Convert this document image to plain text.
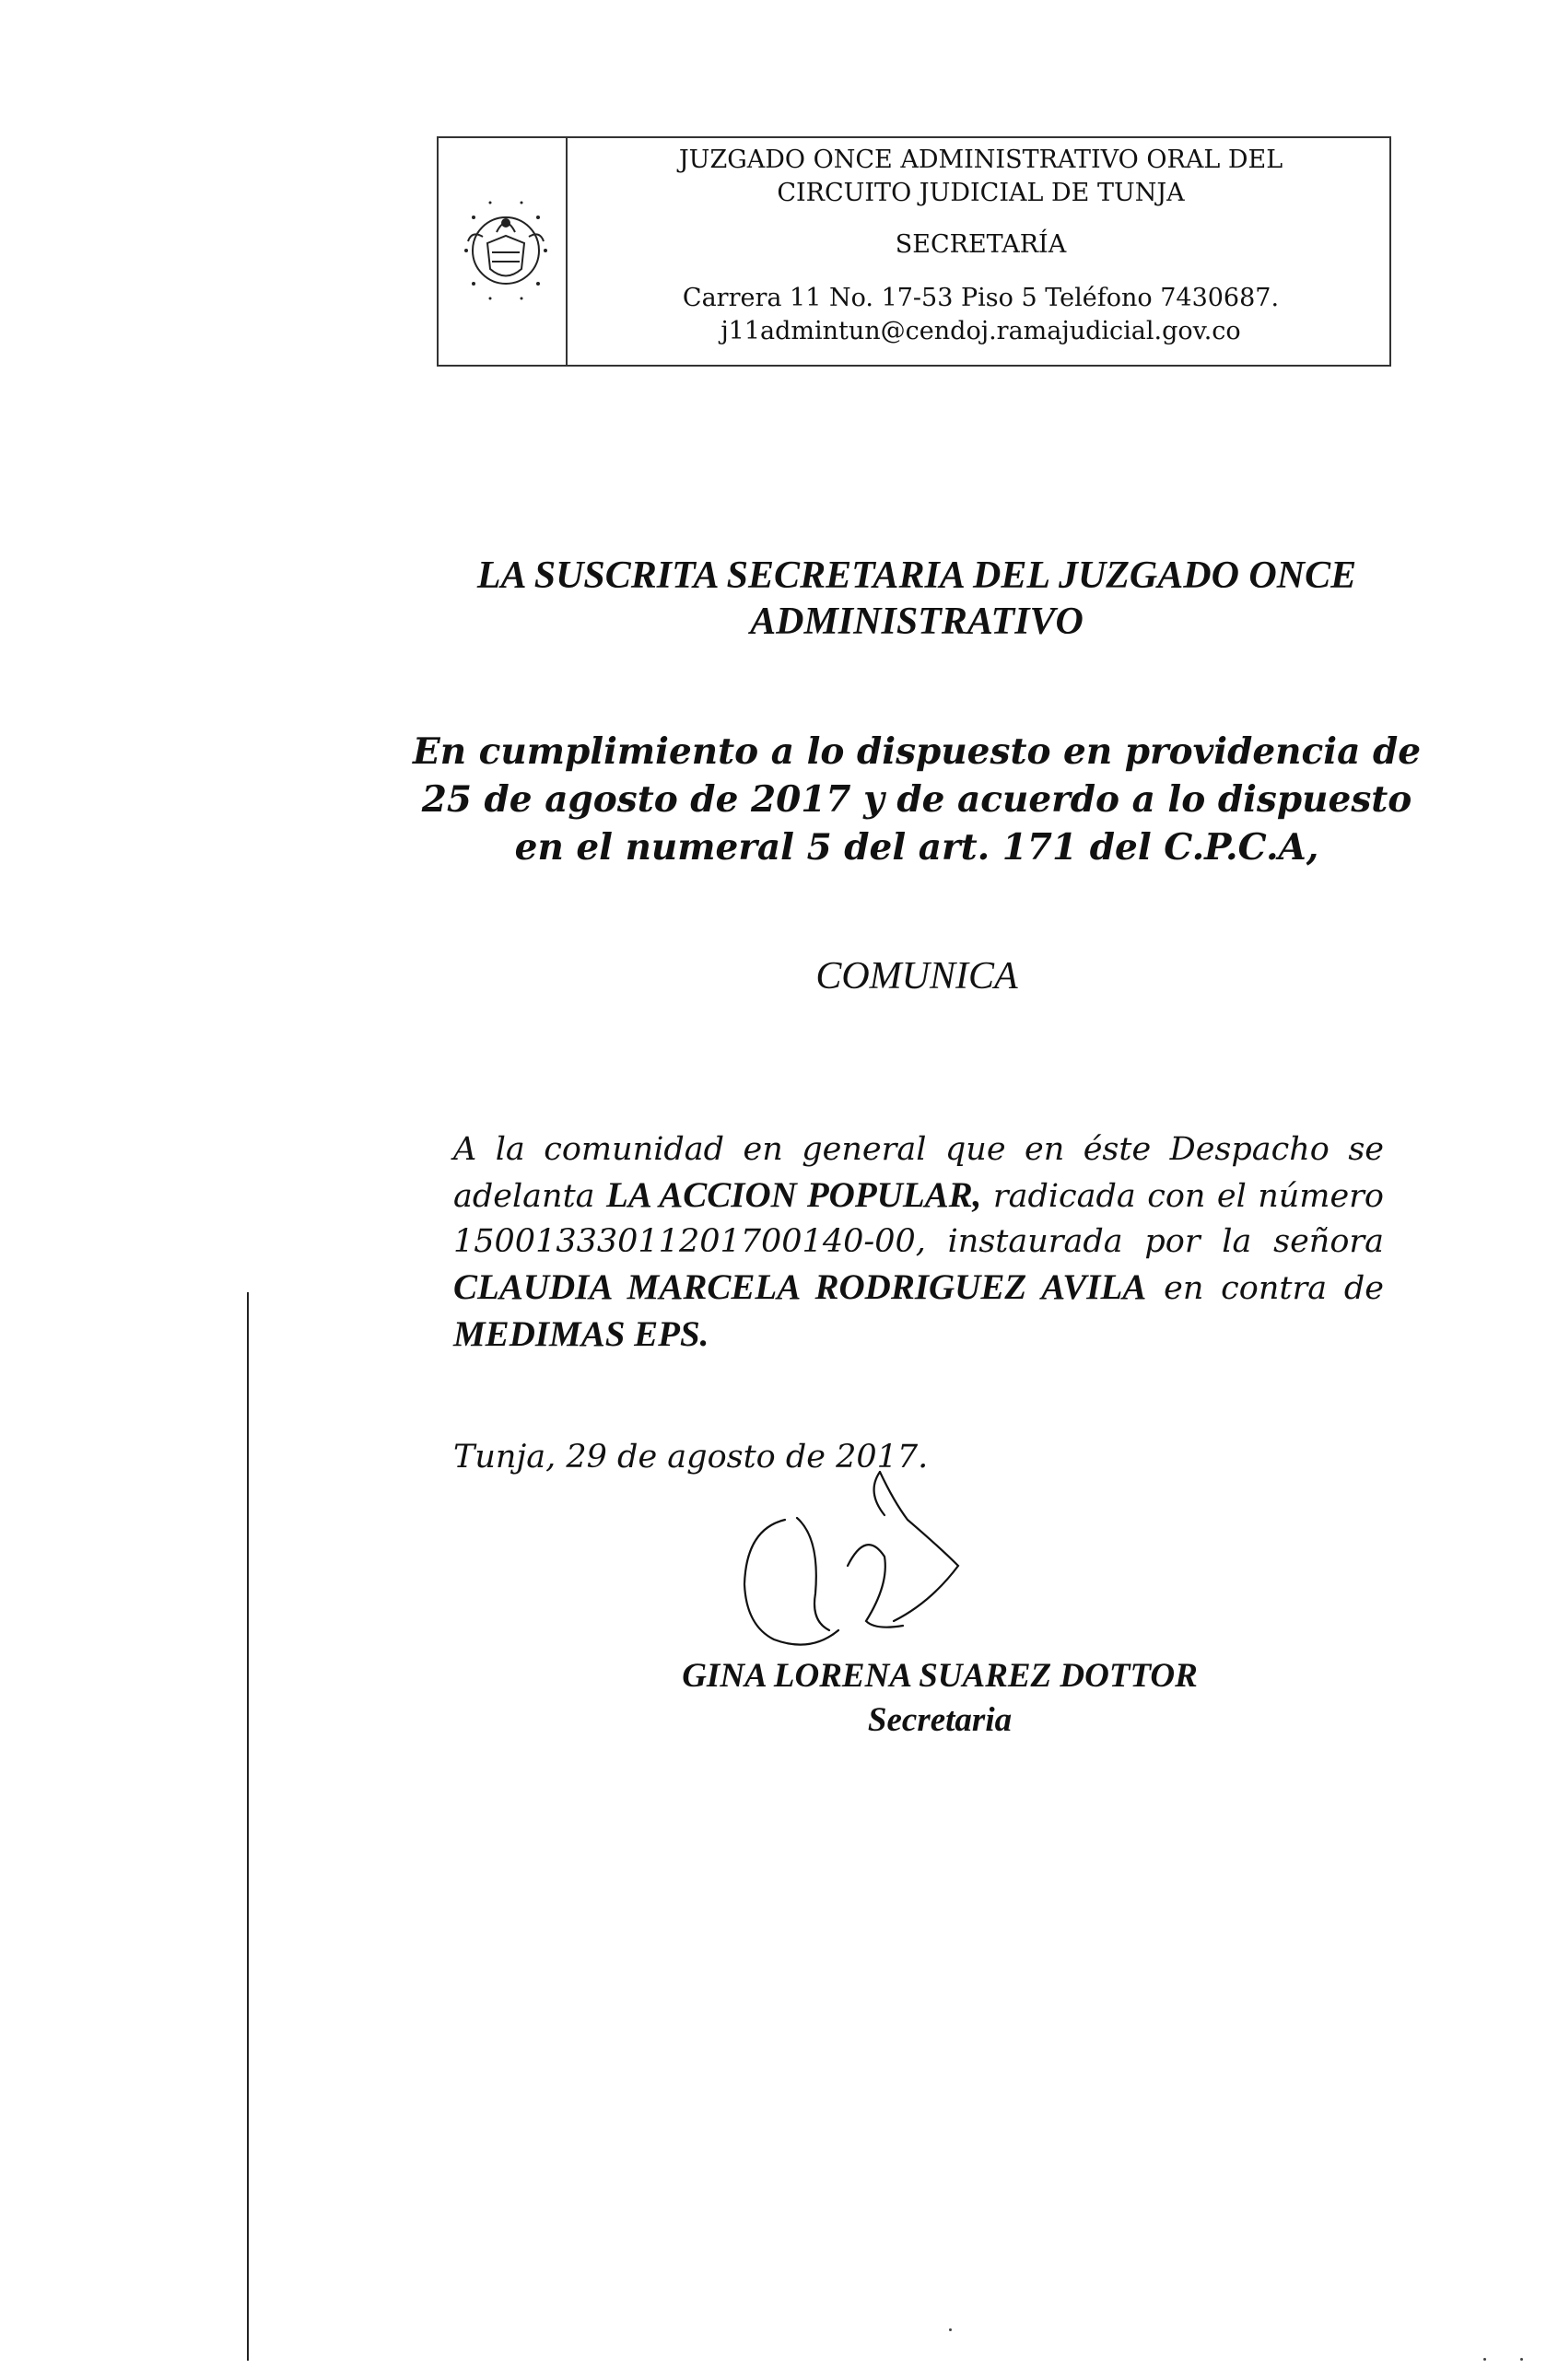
JUZGADO ONCE ADMINISTRATIVO ORAL DEL
CIRCUITO JUDICIAL DE TUNJA
SECRETARÍA
Carrera 11 No. 17-53 Piso 5 Teléfono 7430687.
j11admintun@cendoj.ramajudicial.gov.co
LA SUSCRITA SECRETARIA DEL JUZGADO ONCE
ADMINISTRATIVO
En cumplimiento a lo dispuesto en providencia de
25 de agosto de 2017 y de acuerdo a lo dispuesto
en el numeral 5 del art. 171 del C.P.C.A,
COMUNICA
A la comunidad en general que en éste Despacho se adelanta LA ACCION POPULAR, radicada con el número 15001333011201700140-00, instaurada por la señora CLAUDIA MARCELA RODRIGUEZ AVILA en contra de MEDIMAS EPS.
Tunja, 29 de agosto de 2017.
GINA LORENA SUAREZ DOTTOR
Secretaria
